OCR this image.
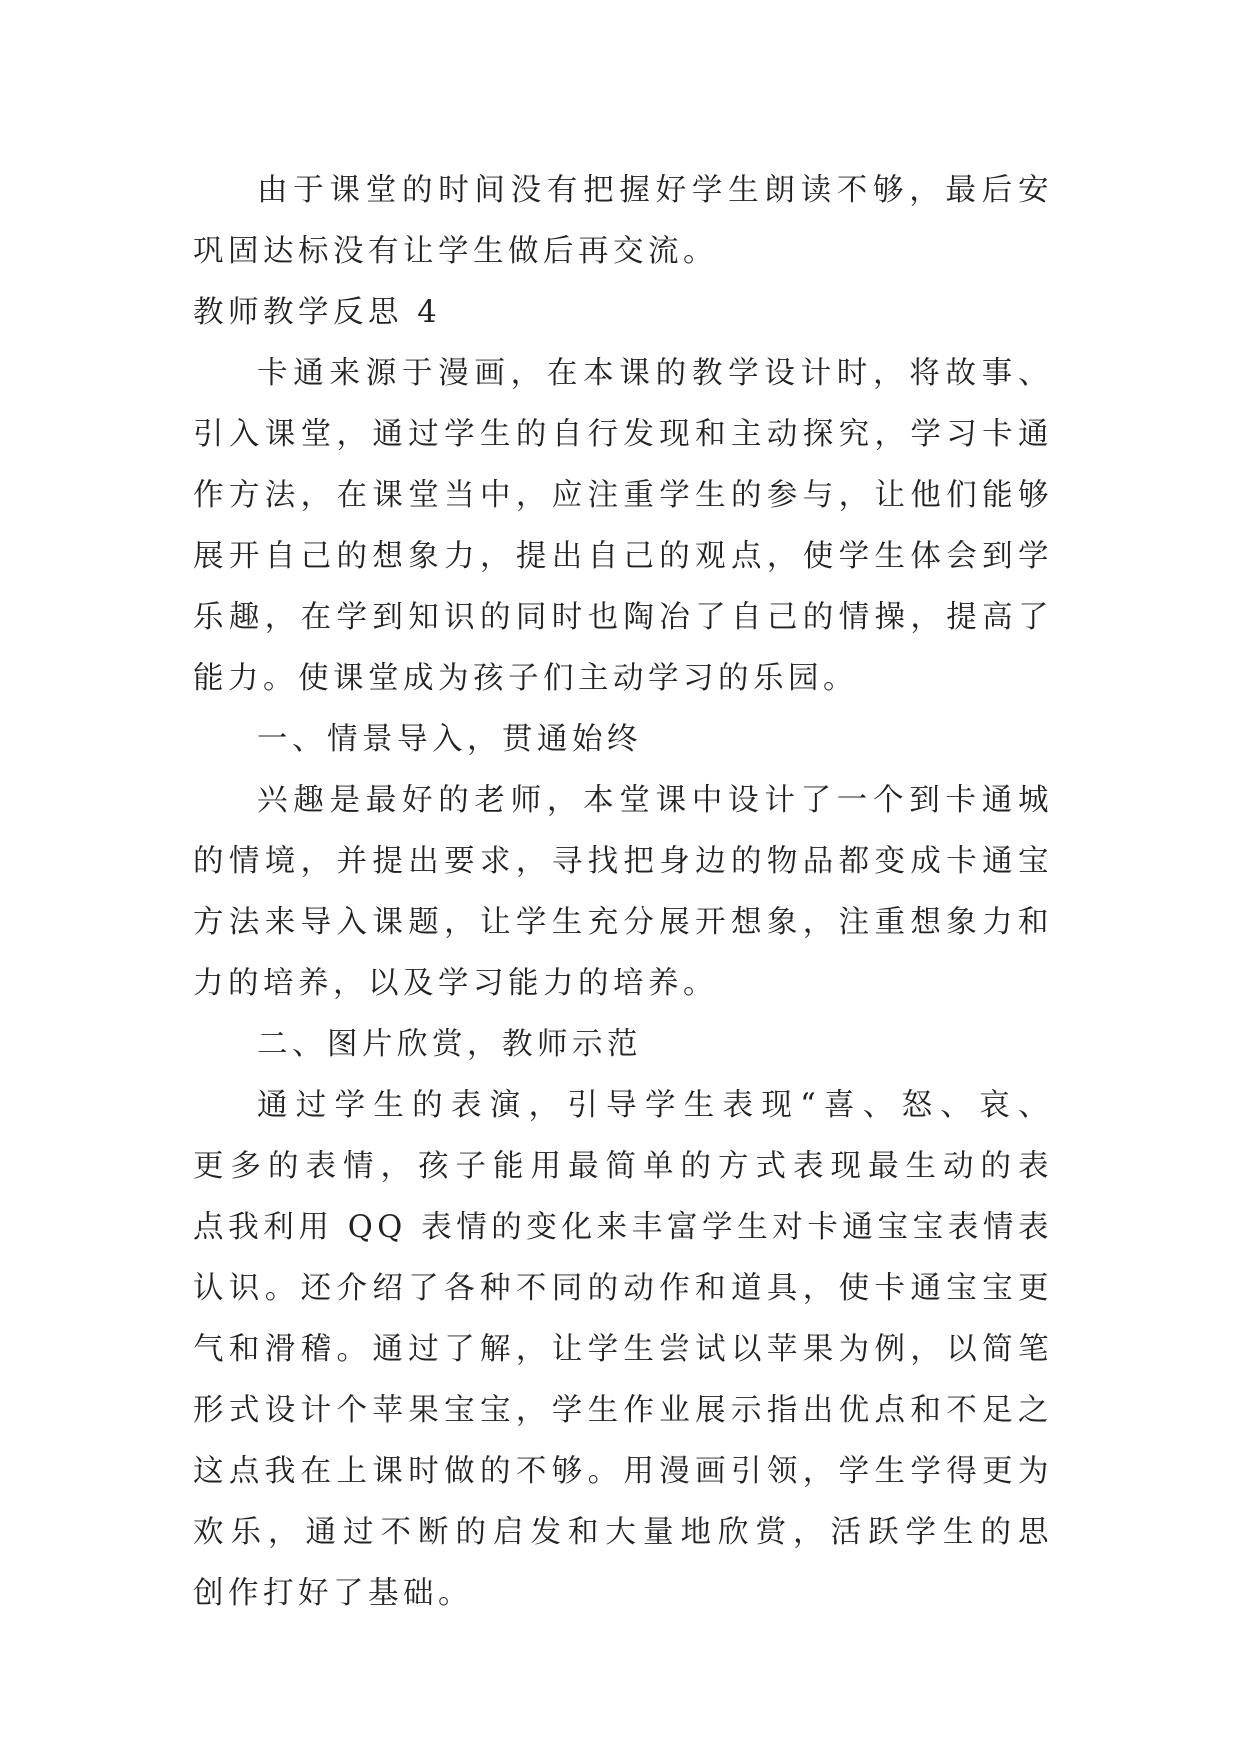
由于课堂的时间没有把握好学生朗读不够，最后安
巩固达标没有让学生做后再交流。
教师教学反思 4
卡通来源于漫画，在本课的教学设计时，将故事、
引入课堂，通过学生的自行发现和主动探究，学习卡通
作方法，在课堂当中，应注重学生的参与，让他们能够
展开自己的想象力，提出自己的观点，使学生体会到学
乐趣，在学到知识的同时也陶冶了自己的情操，提高了
能力。使课堂成为孩子们主动学习的乐园。
一、情景导入，贯通始终
兴趣是最好的老师，本堂课中设计了一个到卡通城
的情境，并提出要求，寻找把身边的物品都变成卡通宝
方法来导入课题，让学生充分展开想象，注重想象力和
力的培养，以及学习能力的培养。
二、图片欣赏，教师示范
通过学生的表演，引导学生表现“喜、怒、哀、
更多的表情，孩子能用最简单的方式表现最生动的表
点我利用 QQ 表情的变化来丰富学生对卡通宝宝表情表
认识。还介绍了各种不同的动作和道具，使卡通宝宝更
气和滑稽。通过了解，让学生尝试以苹果为例，以简笔
形式设计个苹果宝宝，学生作业展示指出优点和不足之
这点我在上课时做的不够。用漫画引领，学生学得更为
欢乐，通过不断的启发和大量地欣赏，活跃学生的思
创作打好了基础。
